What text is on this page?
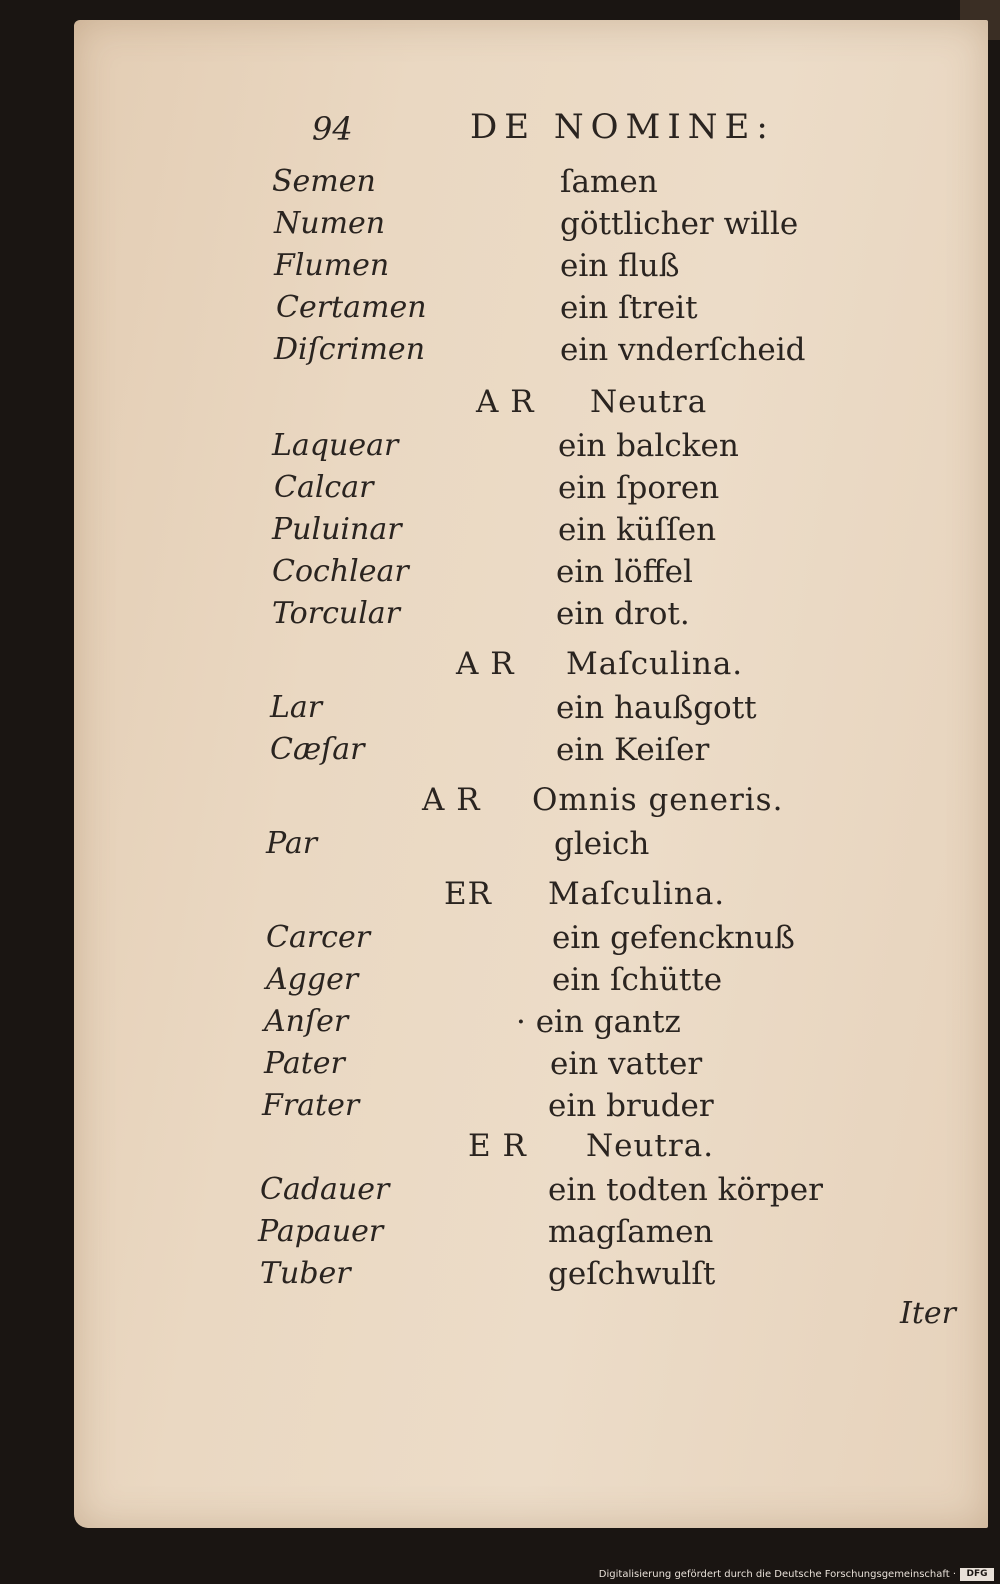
94	DE NOMINE:
Semen	ſamen
Numen	göttlicher wille
Flumen	ein fluß
Certamen	ein ſtreit
Diſcrimen	ein vnderſcheid
A R Neutra
Laquear	ein balcken
Calcar	ein ſporen
Puluinar	ein küſſen
Cochlear	ein löffel
Torcular	ein drot.
A R Maſculina.
Lar	ein haußgott
Cæſar	ein Keiſer
A R Omnis generis.
Par	gleich
ER Maſculina.
Carcer	ein gefencknuß
Agger	ein ſchütte
Anſer	· ein gantz
Pater	ein vatter
Frater	ein bruder
E R Neutra.
Cadauer	ein todten körper
Papauer	magſamen
Tuber	geſchwulſt
Iter
Digitalisierung gefördert durch die Deutsche Forschungsgemeinschaft ·	DFG
